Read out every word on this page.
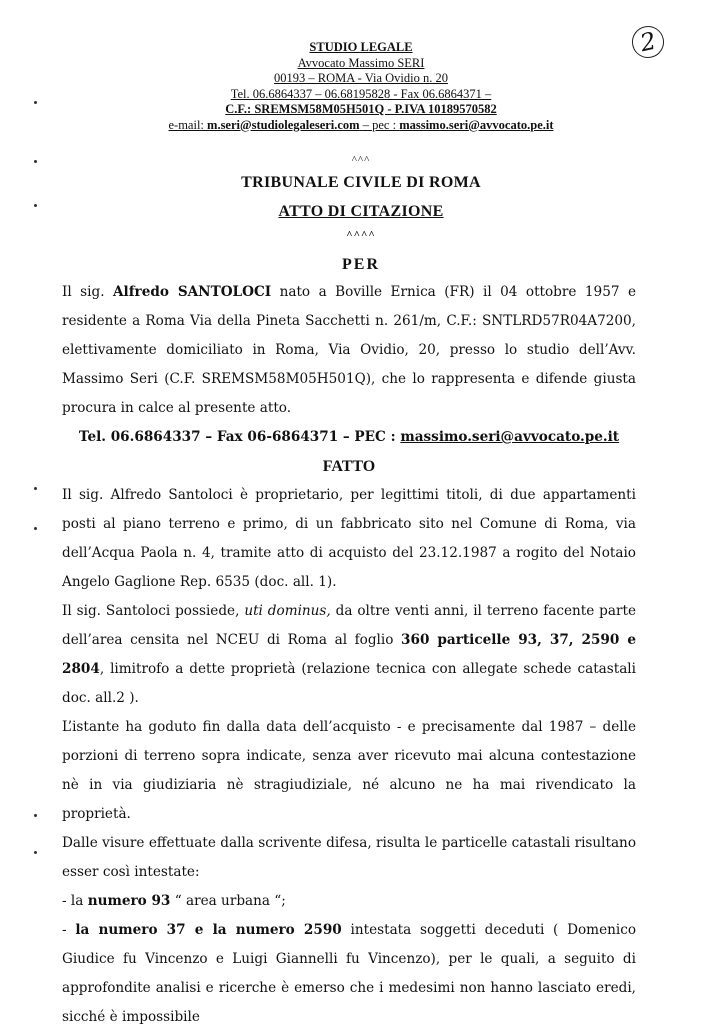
2
STUDIO LEGALE
Avvocato Massimo SERI
00193 – ROMA - Via Ovidio n. 20
Tel. 06.6864337 – 06.68195828 - Fax 06.6864371 –
C.F.: SREMSM58M05H501Q - P.IVA 10189570582
e-mail: m.seri@studiolegaleseri.com – pec : massimo.seri@avvocato.pe.it
^^^
TRIBUNALE CIVILE DI ROMA
ATTO DI CITAZIONE
^^^^
PER

Il sig. Alfredo SANTOLOCI nato a Boville Ernica (FR) il 04 ottobre 1957 e residente a Roma Via della Pineta Sacchetti n. 261/m, C.F.: SNTLRD57R04A7200, elettivamente domiciliato in Roma, Via Ovidio, 20, presso lo studio dell’Avv. Massimo Seri (C.F. SREMSM58M05H501Q), che lo rappresenta e difende giusta procura in calce al presente atto.

Tel. 06.6864337 – Fax 06-6864371 – PEC : massimo.seri@avvocato.pe.it

FATTO

Il sig. Alfredo Santoloci è proprietario, per legittimi titoli, di due appartamenti posti al piano terreno e primo, di un fabbricato sito nel Comune di Roma, via dell’Acqua Paola n. 4, tramite atto di acquisto del 23.12.1987 a rogito del Notaio Angelo Gaglione Rep. 6535 (doc. all. 1).

Il sig. Santoloci possiede, uti dominus, da oltre venti anni, il terreno facente parte dell’area censita nel NCEU di Roma al foglio 360 particelle 93, 37, 2590 e 2804, limitrofo a dette proprietà (relazione tecnica con allegate schede catastali doc. all.2 ).

L’istante ha goduto fin dalla data dell’acquisto - e precisamente dal 1987 – delle porzioni di terreno sopra indicate, senza aver ricevuto mai alcuna contestazione nè in via giudiziaria nè stragiudiziale, né alcuno ne ha mai rivendicato la proprietà.

Dalle visure effettuate dalla scrivente difesa, risulta le particelle catastali risultano esser così intestate:

- la numero 93 “ area urbana “;

- la numero 37 e la numero 2590 intestata soggetti deceduti ( Domenico Giudice fu Vincenzo e Luigi Giannelli fu Vincenzo), per le quali, a seguito di approfondite analisi e ricerche è emerso che i medesimi non hanno lasciato eredi, sicché è impossibile
